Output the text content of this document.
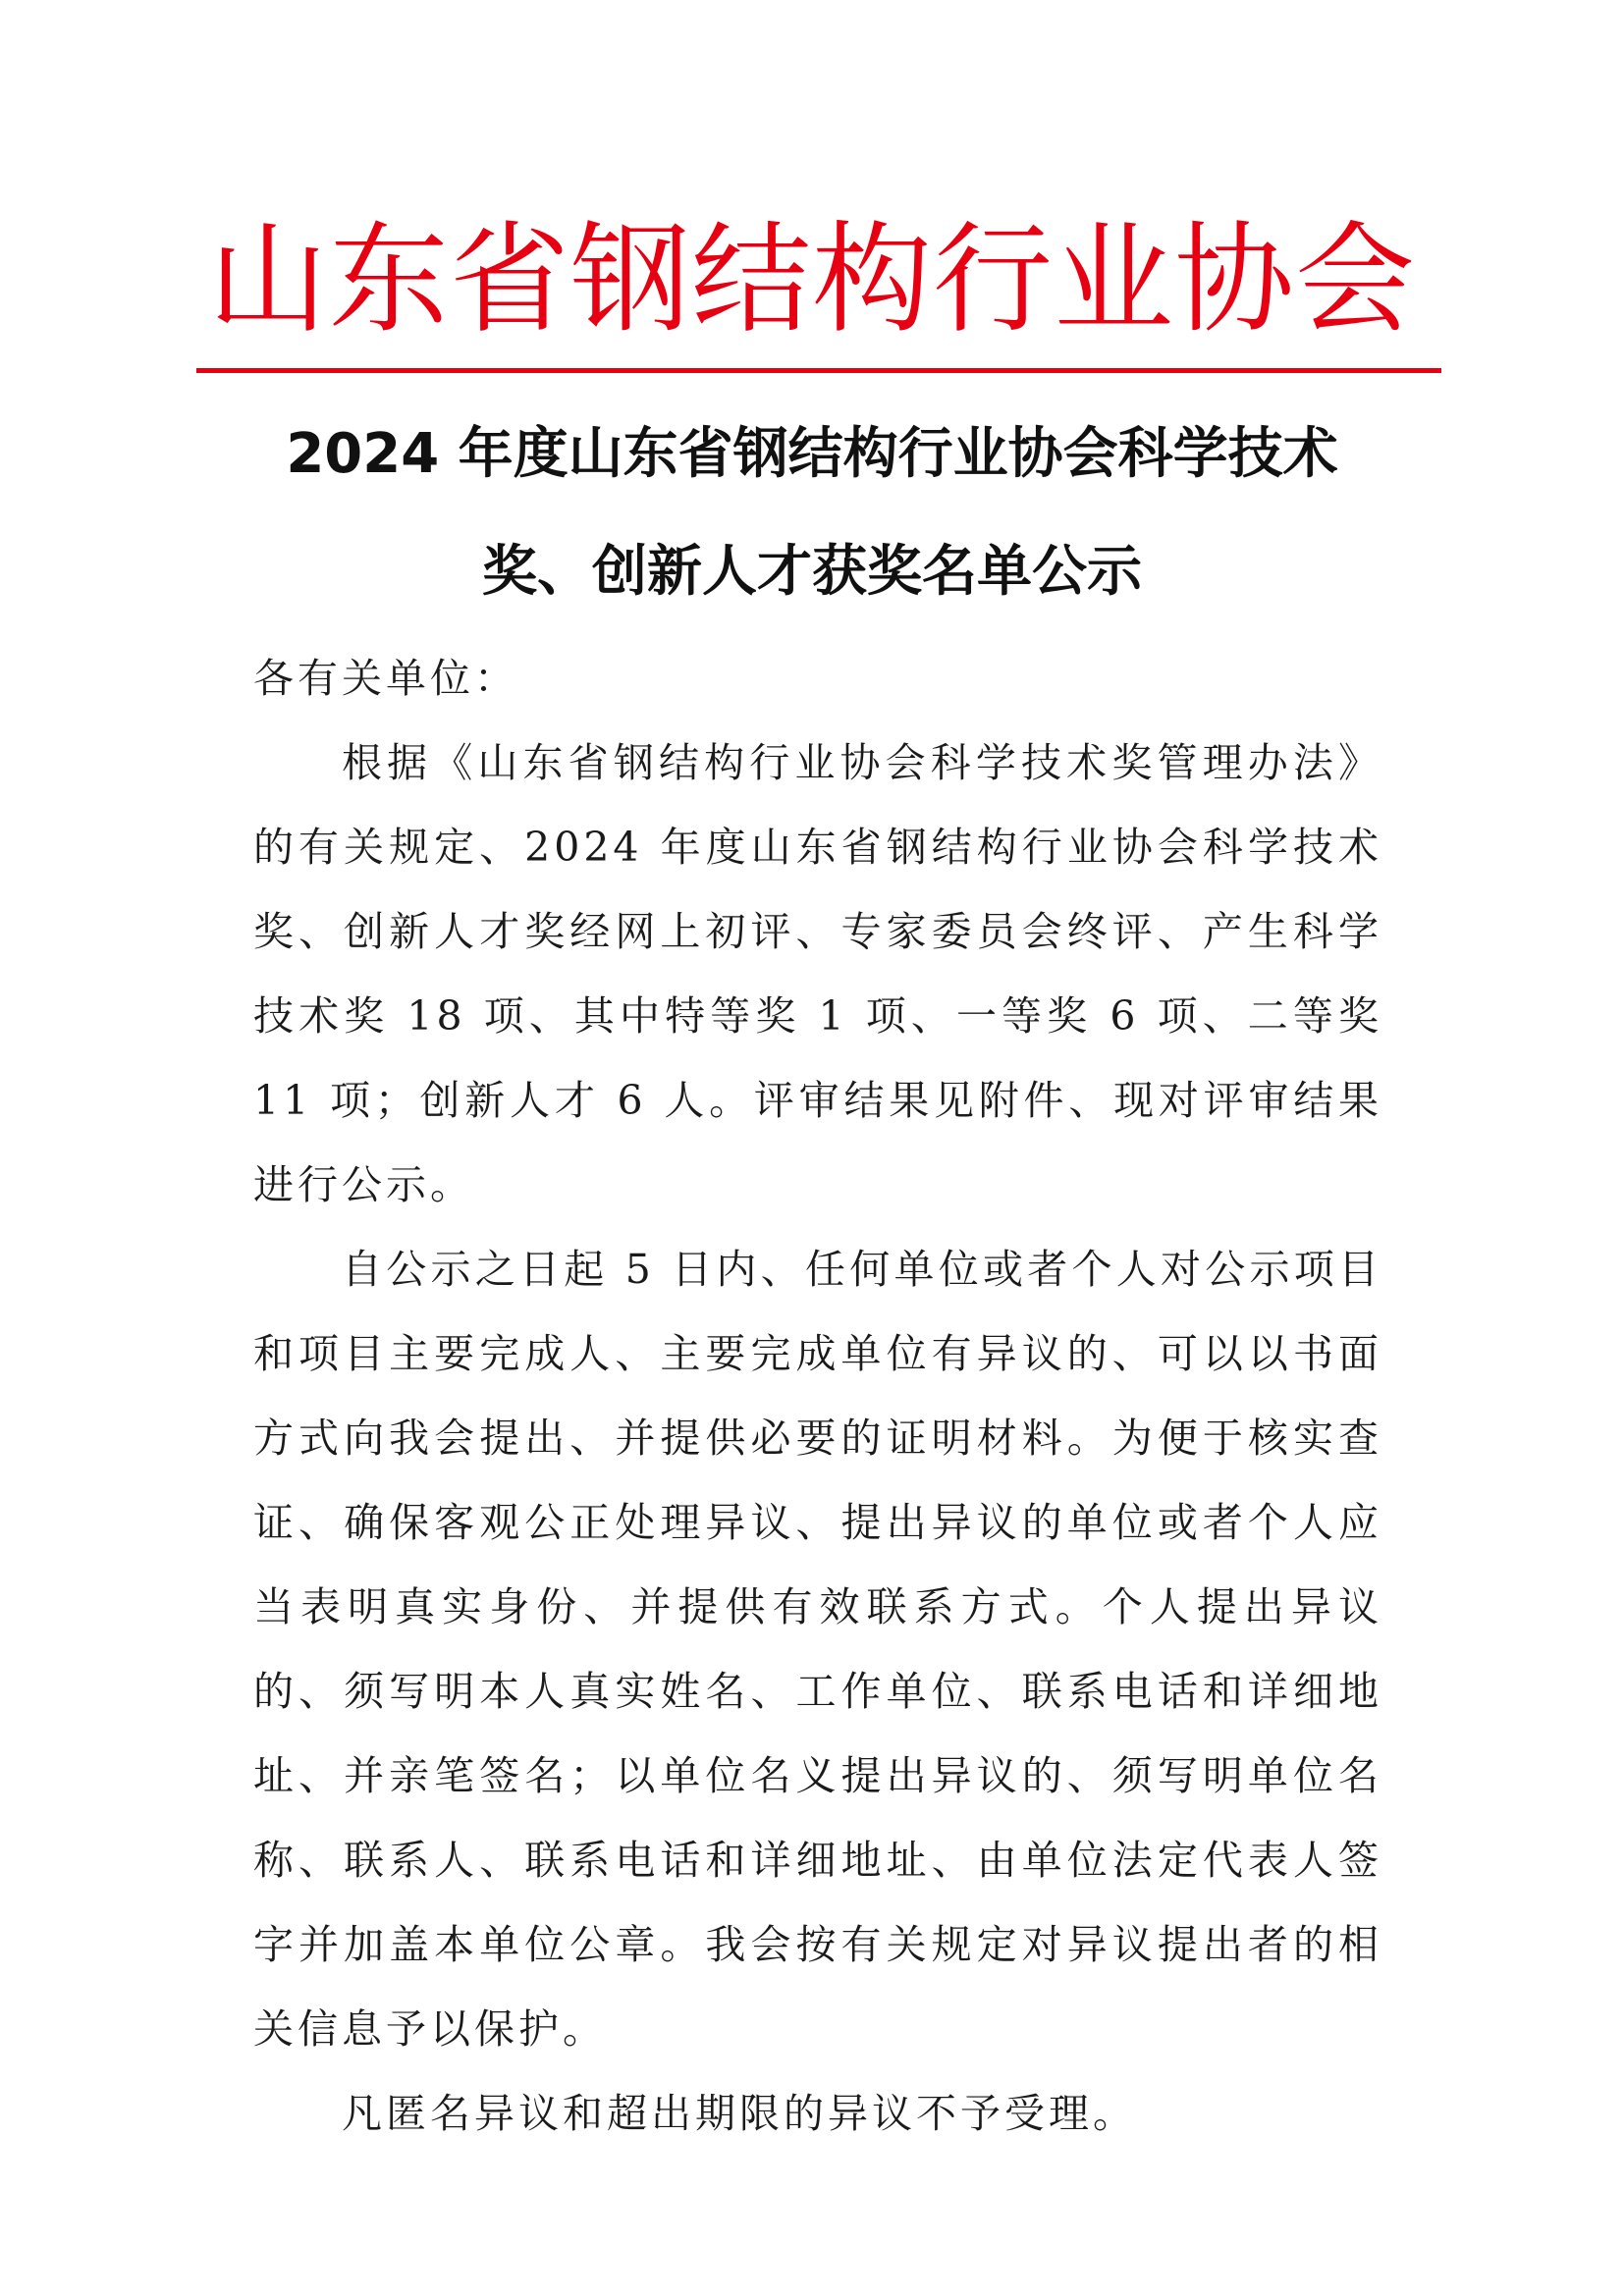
山东省钢结构行业协会
2024 年度山东省钢结构行业协会科学技术
奖、创新人才获奖名单公示

各有关单位：

根据《山东省钢结构行业协会科学技术奖管理办法》的有关规定、2024 年度山东省钢结构行业协会科学技术奖、创新人才奖经网上初评、专家委员会终评、产生科学技术奖 18 项、其中特等奖 1 项、一等奖 6 项、二等奖 11 项；创新人才 6 人。评审结果见附件、现对评审结果进行公示。

自公示之日起 5 日内、任何单位或者个人对公示项目和项目主要完成人、主要完成单位有异议的、可以以书面方式向我会提出、并提供必要的证明材料。为便于核实查证、确保客观公正处理异议、提出异议的单位或者个人应当表明真实身份、并提供有效联系方式。个人提出异议的、须写明本人真实姓名、工作单位、联系电话和详细地址、并亲笔签名；以单位名义提出异议的、须写明单位名称、联系人、联系电话和详细地址、由单位法定代表人签字并加盖本单位公章。我会按有关规定对异议提出者的相关信息予以保护。

凡匿名异议和超出期限的异议不予受理。
